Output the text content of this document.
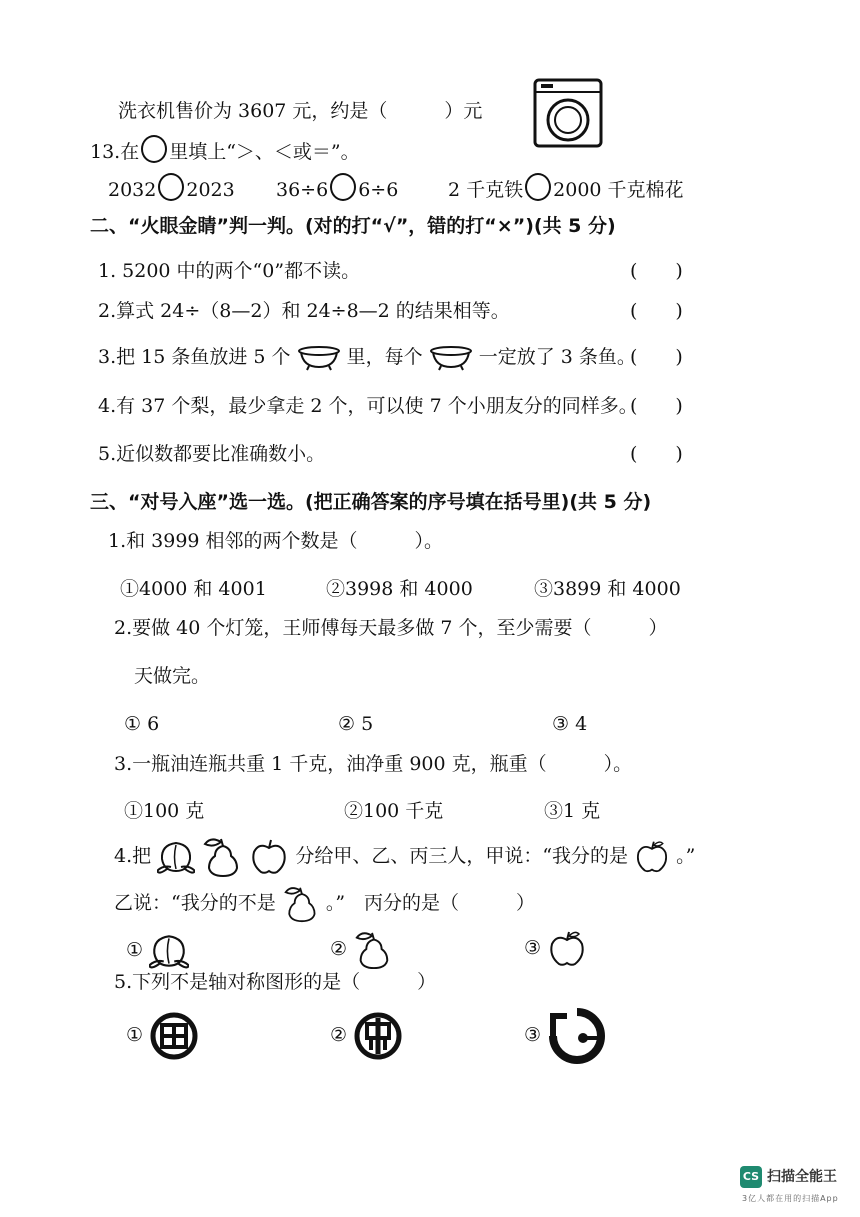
洗衣机售价为 3607 元，约是（　　　）元
13.在 里填上“＞、＜或＝”。
2032 2023 36÷6 6÷6	2 千克铁 2000 千克棉花
二、“火眼金睛”判一判。(对的打“√”，错的打“×”)(共 5 分)
1. 5200 中的两个“0”都不读。	(　　)
2.算式 24÷（8—2）和 24÷8—2 的结果相等。	(　　)
3.把 15 条鱼放进 5 个	里，每个	一定放了 3 条鱼。
(　　)
4.有 37 个梨，最少拿走 2 个，可以使 7 个小朋友分的同样多。
(　　)
5.近似数都要比准确数小。	(　　)
三、“对号入座”选一选。(把正确答案的序号填在括号里)(共 5 分)
1.和 3999 相邻的两个数是（　　　）。
①4000 和 4001	②3998 和 4000	③3899 和 4000
2.要做 40 个灯笼，王师傅每天最多做 7 个，至少需要（　　　）
天做完。
① 6	② 5	③ 4
3.一瓶油连瓶共重 1 千克，油净重 900 克，瓶重（　　　）。
①100 克	②100 千克	③1 克
4.把	分给甲、乙、丙三人，甲说：“我分的是	。”
乙说：“我分的不是	。”　丙分的是（　　　）
①	②	③
5.下列不是轴对称图形的是（　　　）
①	②	③
CS 扫描全能王
3亿人都在用的扫描App
